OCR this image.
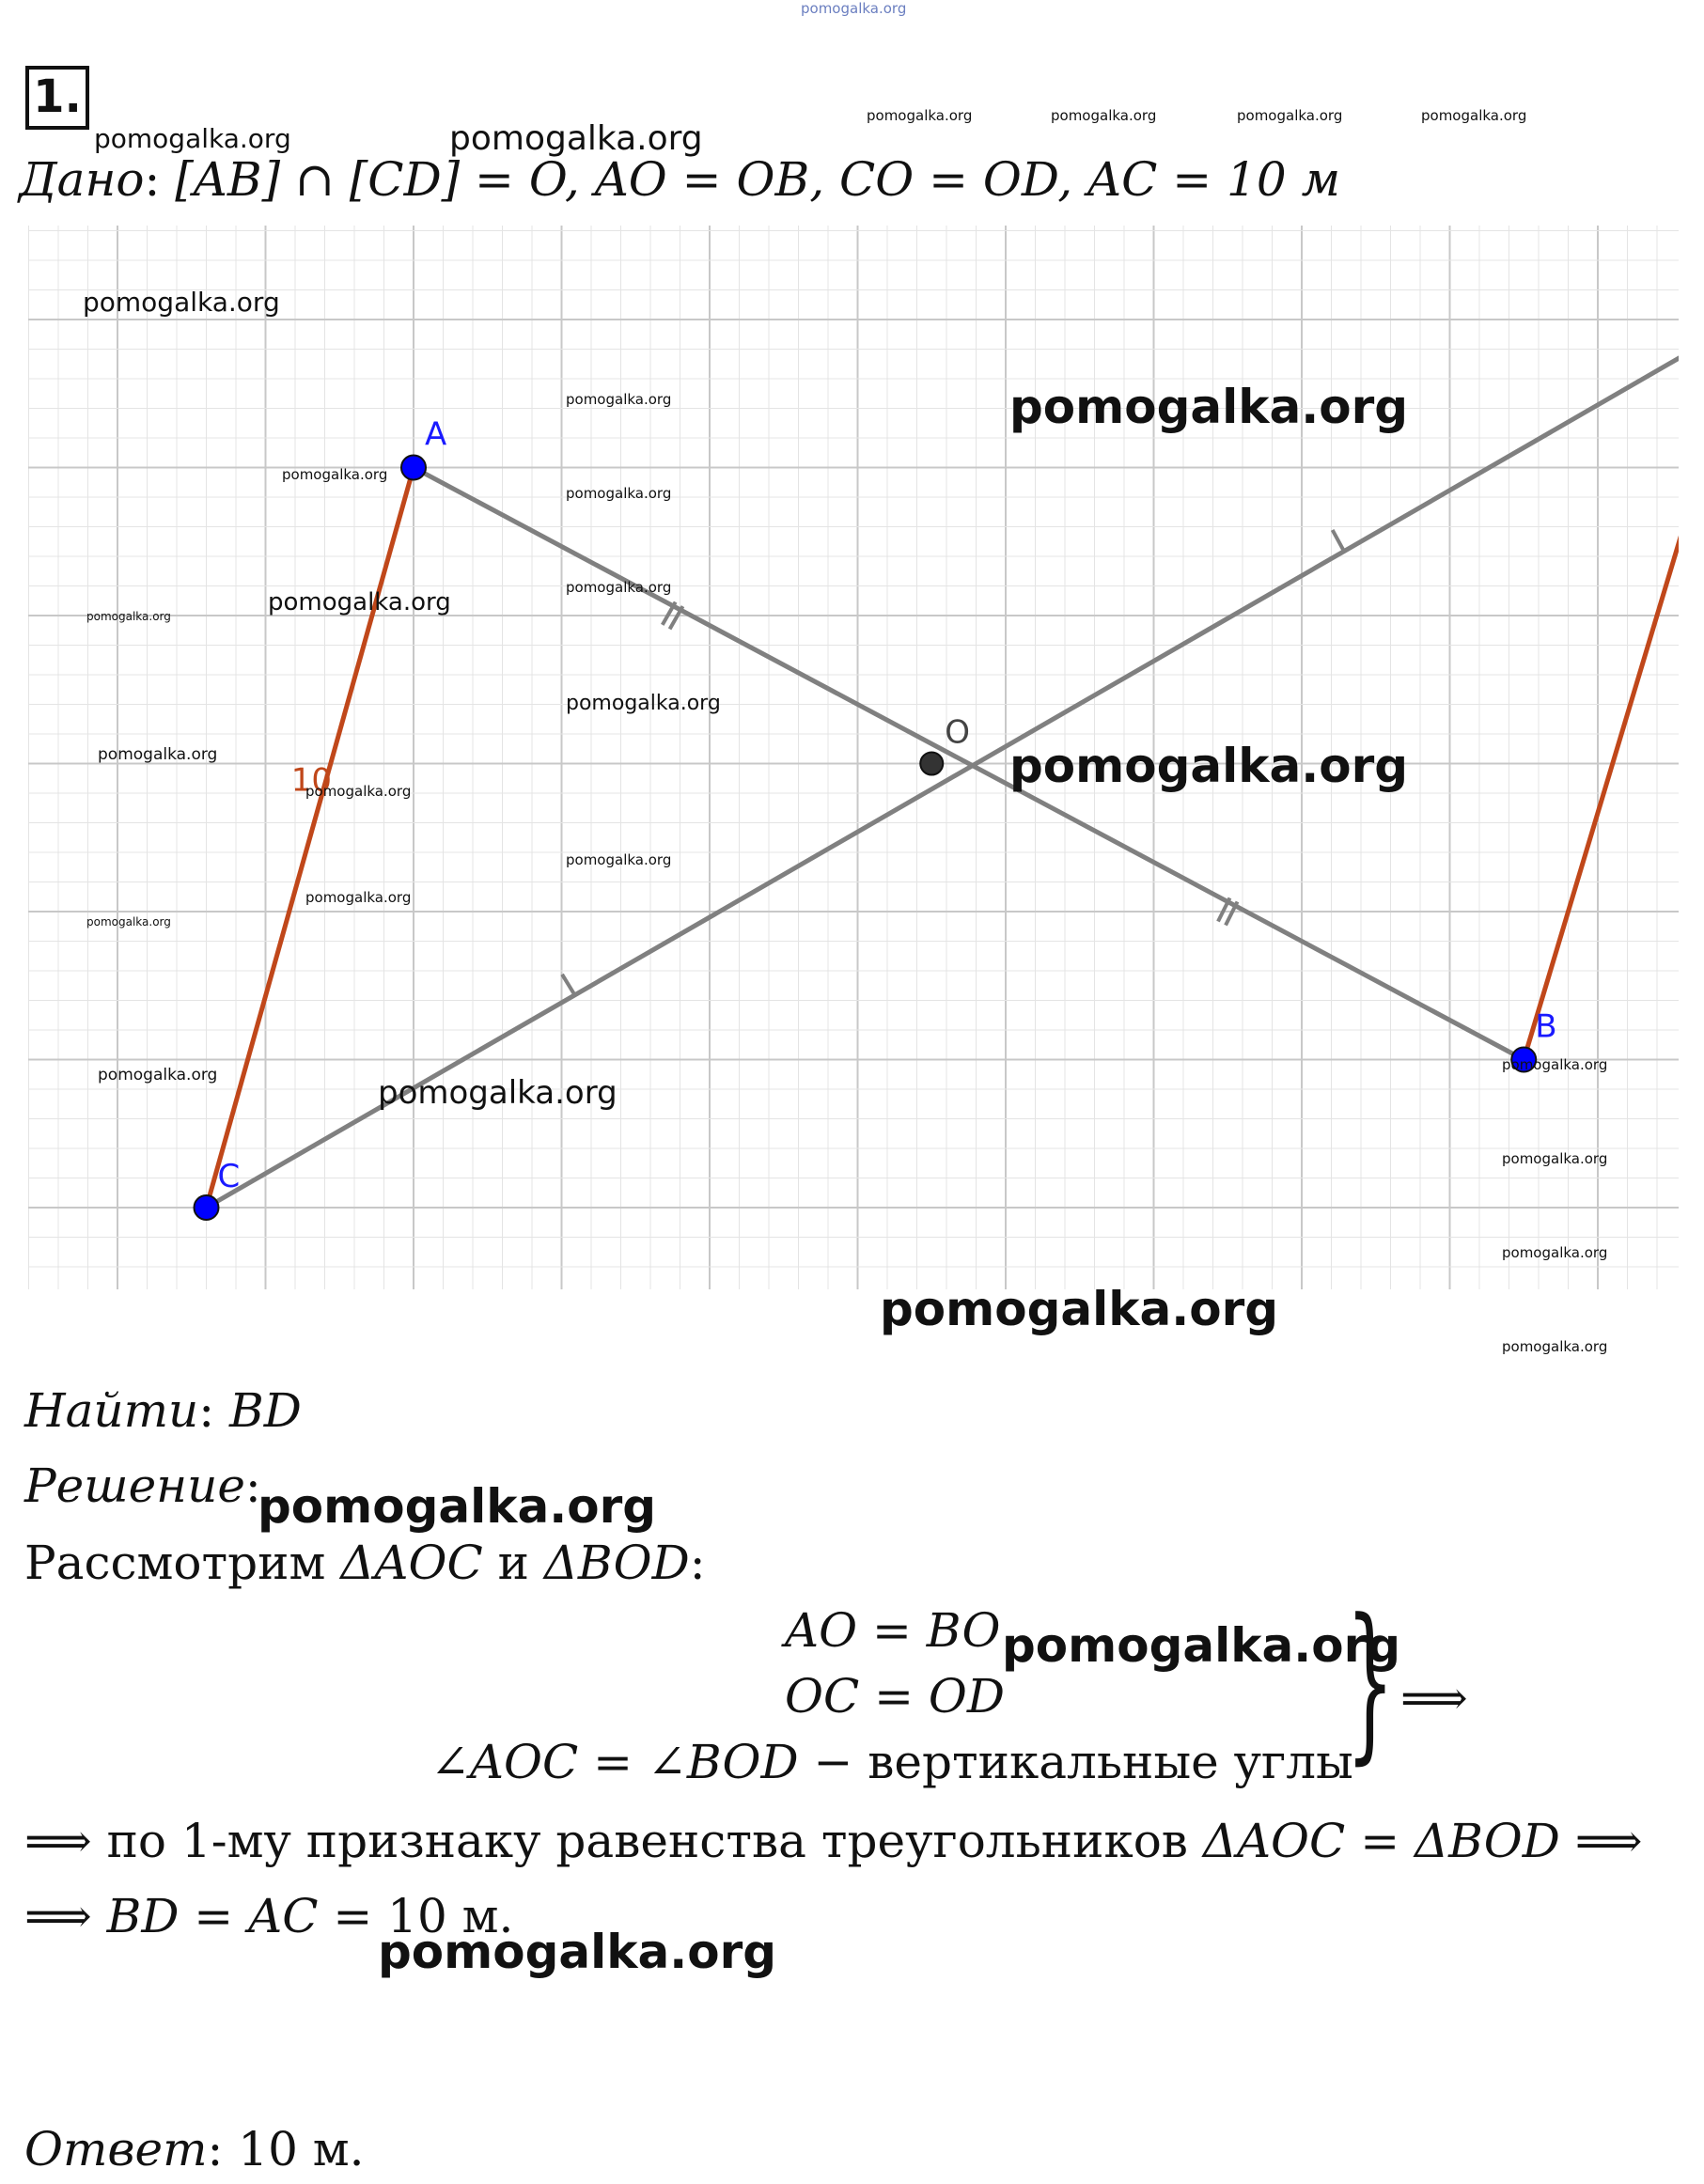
pomogalka.org
1.
Дано: [AB] ∩ [CD] = O, AO = OB, CO = OD, AC = 10 м
A
B
C
O
10
Найти: BD
Решение:
Рассмотрим ΔAOC и ΔBOD:
AO = BO
OC = OD
∠AOC = ∠BOD − вертикальные углы
} ⟹
⟹ по 1-му признаку равенства треугольников ΔAOC = ΔBOD ⟹
⟹ BD = AC = 10 м.
Ответ: 10 м.
pomogalka.org	pomogalka.org	pomogalka.org	pomogalka.org
pomogalka.org	pomogalka.org
pomogalka.org
pomogalka.org	pomogalka.org
pomogalka.org
pomogalka.org
pomogalka.org
pomogalka.org
pomogalka.org
pomogalka.org
pomogalka.org	pomogalka.org
pomogalka.org
pomogalka.org
pomogalka.org
pomogalka.org
pomogalka.org
pomogalka.org	pomogalka.org
pomogalka.org
pomogalka.org
pomogalka.org
pomogalka.org
pomogalka.org
pomogalka.org
pomogalka.org
